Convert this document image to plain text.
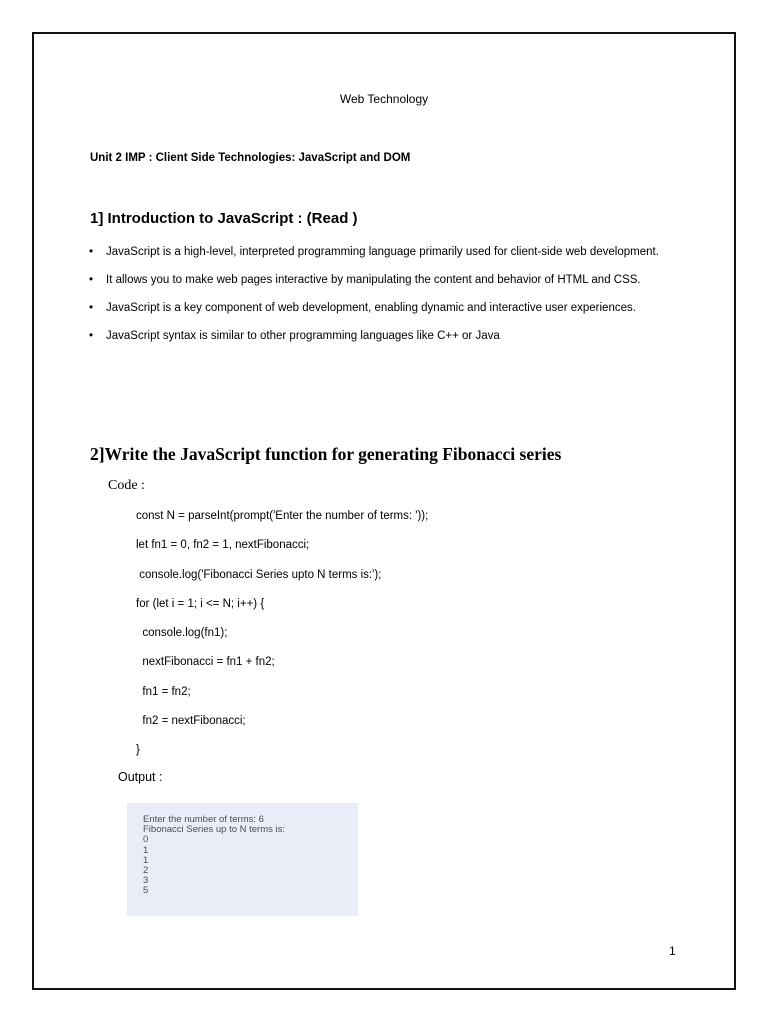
Web Technology
Unit 2 IMP : Client Side Technologies: JavaScript and DOM
1] Introduction to JavaScript : (Read )
• JavaScript is a high-level, interpreted programming language primarily used for client-side web development.
• It allows you to make web pages interactive by manipulating the content and behavior of HTML and CSS.
• JavaScript is a key component of web development, enabling dynamic and interactive user experiences.
• JavaScript syntax is similar to other programming languages like C++ or Java
2]Write the JavaScript function for generating Fibonacci series
Code :
const N = parseInt(prompt('Enter the number of terms: '));
let fn1 = 0, fn2 = 1, nextFibonacci;
console.log('Fibonacci Series upto N terms is:');
for (let i = 1; i <= N; i++) {
console.log(fn1);
nextFibonacci = fn1 + fn2;
fn1 = fn2;
fn2 = nextFibonacci;
}
Output :
Enter the number of terms: 6
Fibonacci Series up to N terms is:
0
1
1
2
3
5
1
